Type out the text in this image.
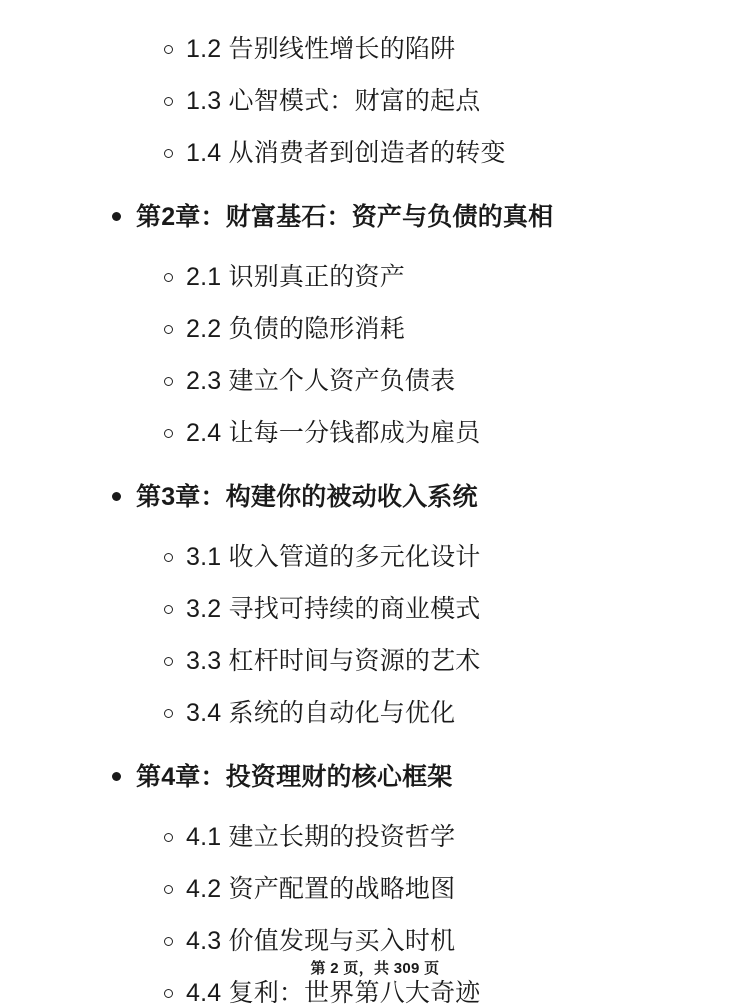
1.2 告别线性增长的陷阱
1.3 心智模式：财富的起点
1.4 从消费者到创造者的转变
第2章：财富基石：资产与负债的真相
2.1 识别真正的资产
2.2 负债的隐形消耗
2.3 建立个人资产负债表
2.4 让每一分钱都成为雇员
第3章：构建你的被动收入系统
3.1 收入管道的多元化设计
3.2 寻找可持续的商业模式
3.3 杠杆时间与资源的艺术
3.4 系统的自动化与优化
第4章：投资理财的核心框架
4.1 建立长期的投资哲学
4.2 资产配置的战略地图
4.3 价值发现与买入时机
4.4 复利：世界第八大奇迹
第 2 页，共 309 页
